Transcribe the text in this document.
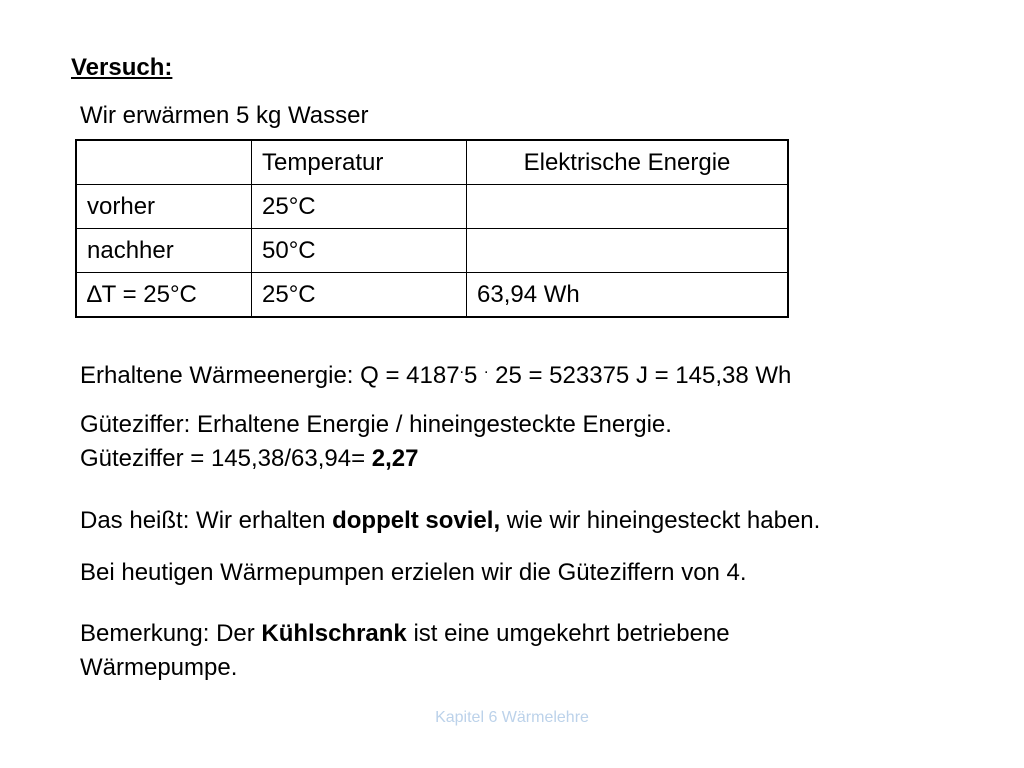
Versuch:
Wir erwärmen 5 kg Wasser
	Temperatur	Elektrische Energie
vorher	25°C	
nachher	50°C	
∆T = 25°C	25°C	63,94 Wh
Erhaltene Wärmeenergie: Q = 4187.5 . 25 = 523375 J = 145,38 Wh
Güteziffer: Erhaltene Energie / hineingesteckte Energie.
Güteziffer = 145,38/63,94= 2,27
Das heißt: Wir erhalten doppelt soviel, wie wir hineingesteckt haben.
Bei heutigen Wärmepumpen erzielen wir die Güteziffern von 4.
Bemerkung: Der Kühlschrank ist eine umgekehrt betriebene
Wärmepumpe.
Kapitel 6 Wärmelehre
